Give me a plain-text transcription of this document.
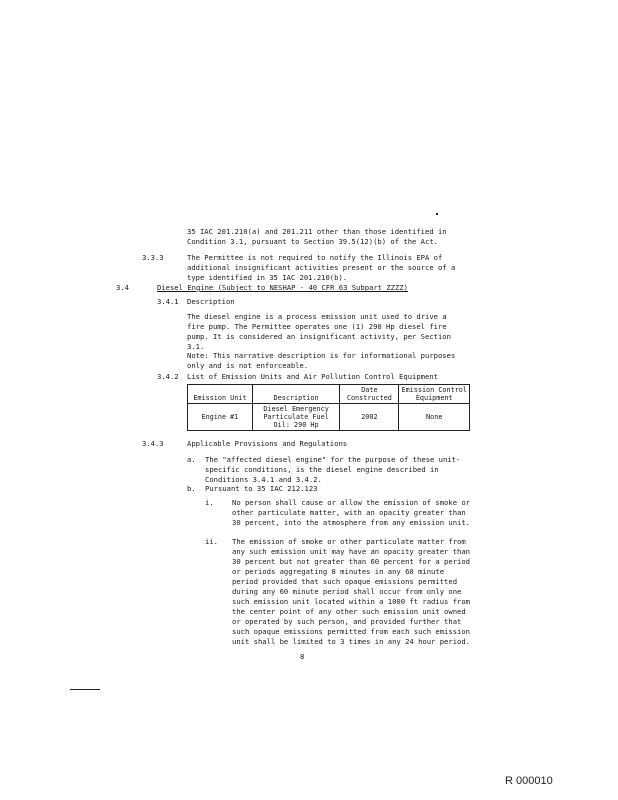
35 IAC 201.210(a) and 201.211 other than those identified in
Condition 3.1, pursuant to Section 39.5(12)(b) of the Act.
3.3.3	The Permittee is not required to notify the Illinois EPA of additional insignificant activities present or the source of a type identified in 35 IAC 201.210(b).
3.4	Diesel Engine (Subject to NESHAP - 40 CFR 63 Subpart ZZZZ)
3.4.1 Description
The diesel engine is a process emission unit used to drive a fire pump. The Permittee operates one (1) 290 Hp diesel fire pump. It is considered an insignificant activity, per Section 3.1.
Note: This narrative description is for informational purposes only and is not enforceable.
3.4.2 List of Emission Units and Air Pollution Control Equipment
Emission Unit	Description	Date Constructed	Emission Control Equipment
Engine #1	Diesel Emergency Particulate Fuel Oil: 290 Hp	2002	None
3.4.3	Applicable Provisions and Regulations
a. The "affected diesel engine" for the purpose of these unit-specific conditions, is the diesel engine described in Conditions 3.4.1 and 3.4.2.
b. Pursuant to 35 IAC 212.123
i.	No person shall cause or allow the emission of smoke or other particulate matter, with an opacity greater than 30 percent, into the atmosphere from any emission unit.
ii. The emission of smoke or other particulate matter from any such emission unit may have an opacity greater than 30 percent but not greater than 60 percent for a period or periods aggregating 8 minutes in any 60 minute period provided that such opaque emissions permitted during any 60 minute period shall occur from only one such emission unit located within a 1000 ft radius from the center point of any other such emission unit owned or operated by such person, and provided further that such opaque emissions permitted from each such emission unit shall be limited to 3 times in any 24 hour period.
8
R 000010
